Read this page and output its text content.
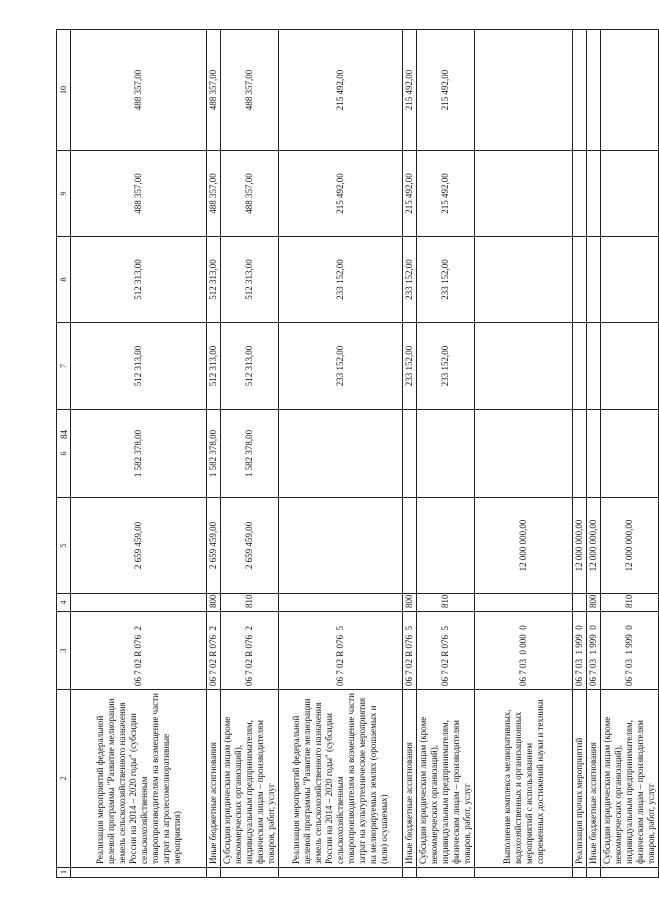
84
1	2	3	4	5	6	7	8	9	10
	Реализация мероприятий федеральной целевой программы "Развитие мелиорации земель сельскохозяйственного назначения России на 2014 – 2020 годы" (субсидии сельскохозяйственным товаропроизводителям на возмещение части затрат на агролесомелиоративные мероприятия)	06 7 02 R 076  2		2 659 459,00	1 582 378,00	512 313,00	512 313,00	488 357,00	488 357,00
	Иные бюджетные ассигнования	06 7 02 R 076  2	800	2 659 459,00	1 582 378,00	512 313,00	512 313,00	488 357,00	488 357,00
	Субсидии юридическим лицам (кроме некоммерческих организаций), индивидуальным предпринимателям, физическим лицам – производителям товаров, работ, услуг	06 7 02 R 076  2	810	2 659 459,00	1 582 378,00	512 313,00	512 313,00	488 357,00	488 357,00
	Реализация мероприятий федеральной целевой программы "Развитие мелиорации земель сельскохозяйственного назначения России на 2014 – 2020 годы" (субсидии сельскохозяйственным товаропроизводителям на возмещение части затрат на культуртехнические мероприятия на мелиорируемых землях (орошаемых и (или) осушаемых)	06 7 02 R 076  5				233 152,00	233 152,00	215 492,00	215 492,00
	Иные бюджетные ассигнования	06 7 02 R 076  5	800			233 152,00	233 152,00	215 492,00	215 492,00
	Субсидии юридическим лицам (кроме некоммерческих организаций), индивидуальным предпринимателям, физическим лицам – производителям товаров, работ, услуг	06 7 02 R 076  5	810			233 152,00	233 152,00	215 492,00	215 492,00
	Выполнение комплекса мелиоративных, водохозяйственных и организационных мероприятий с использованием современных достижений науки и техники	06 7 03  0 000  0		12 000 000,00					
	Реализация прочих мероприятий	06 7 03  1 999  0		12 000 000,00					
	Иные бюджетные ассигнования	06 7 03  1 999  0	800	12 000 000,00					
	Субсидии юридическим лицам (кроме некоммерческих организаций), индивидуальным предпринимателям, физическим лицам – производителям товаров, работ, услуг	06 7 03  1 999  0	810	12 000 000,00					
